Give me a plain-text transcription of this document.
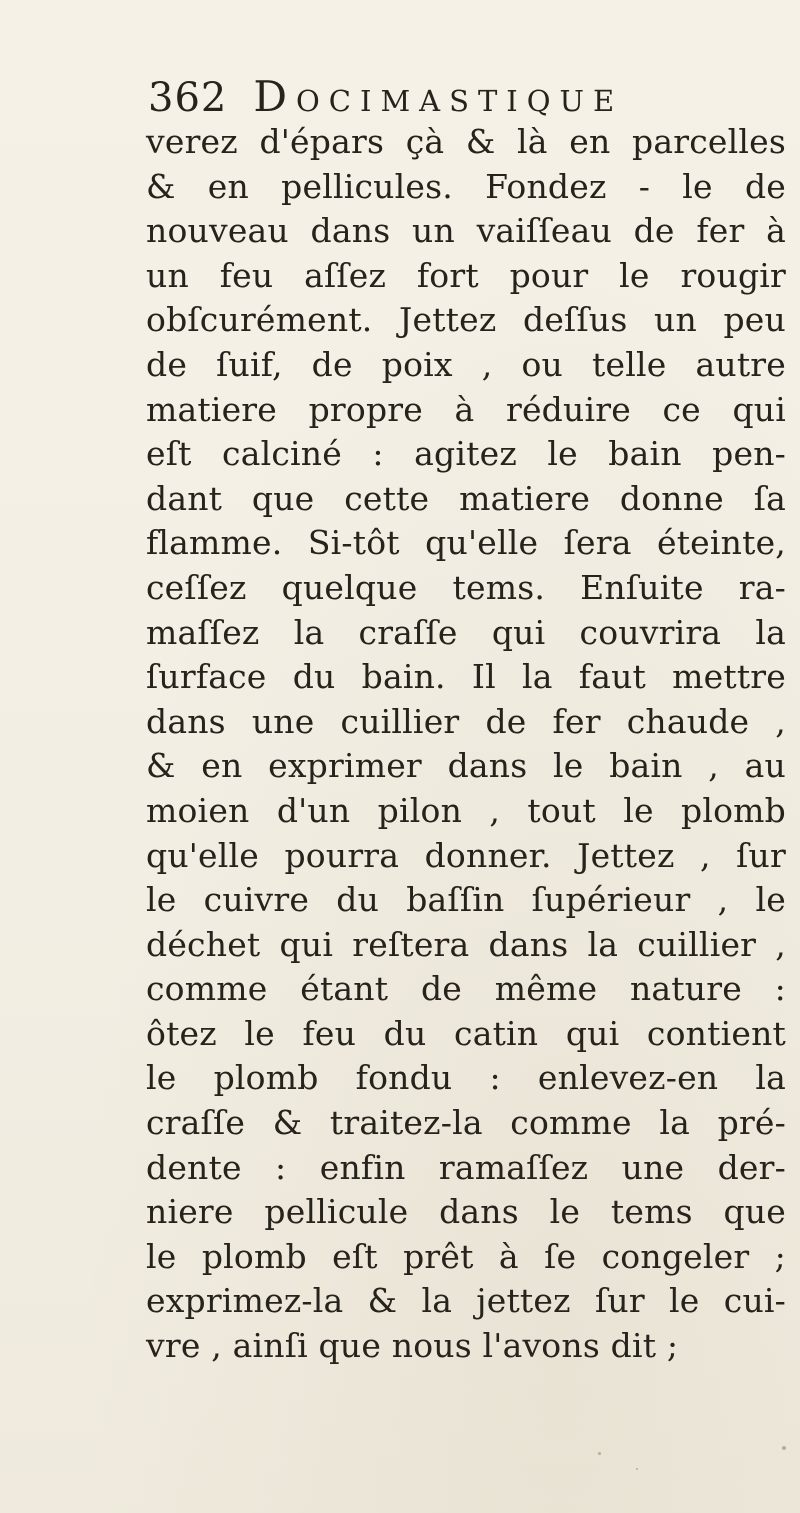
362 Docimastique
verez d'épars çà & là en parcelles
& en pellicules. Fondez - le de
nouveau dans un vaiſſeau de fer à
un feu aſſez fort pour le rougir
obſcurément. Jettez deſſus un peu
de ſuif, de poix , ou telle autre
matiere propre à réduire ce qui
eſt calciné : agitez le bain pen-
dant que cette matiere donne ſa
flamme. Si-tôt qu'elle ſera éteinte,
ceſſez quelque tems. Enſuite ra-
maſſez la craſſe qui couvrira la
ſurface du bain. Il la faut mettre
dans une cuillier de fer chaude ,
& en exprimer dans le bain , au
moien d'un pilon , tout le plomb
qu'elle pourra donner. Jettez , ſur
le cuivre du baſſin ſupérieur , le
déchet qui reſtera dans la cuillier ,
comme étant de même nature :
ôtez le feu du catin qui contient
le plomb fondu : enlevez-en la
craſſe & traitez-la comme la pré-
dente : enfin ramaſſez une der-
niere pellicule dans le tems que
le plomb eſt prêt à ſe congeler ;
exprimez-la & la jettez ſur le cui-
vre , ainſi que nous l'avons dit ;
